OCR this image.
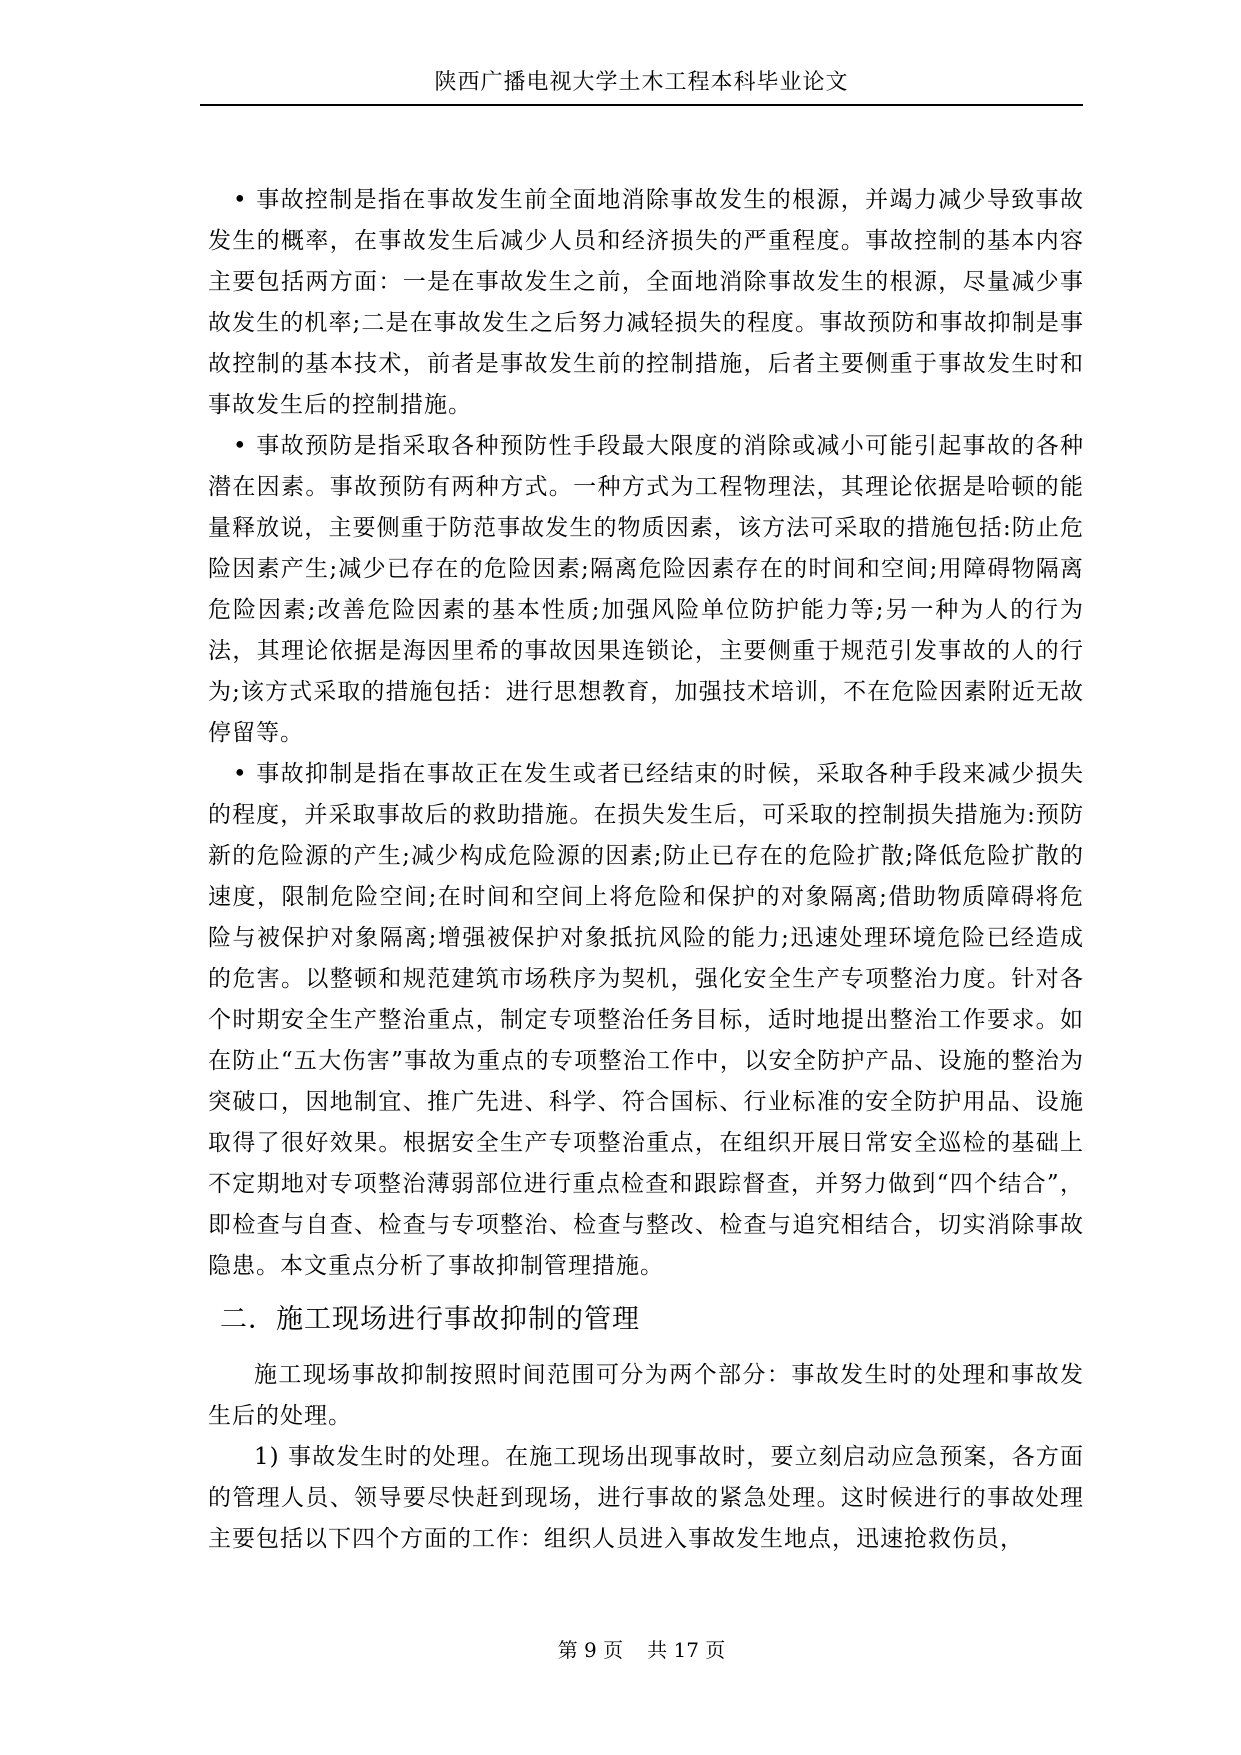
陕西广播电视大学土木工程本科毕业论文

• 事故控制是指在事故发生前全面地消除事故发生的根源，并竭力减少导致事故发生的概率，在事故发生后减少人员和经济损失的严重程度。事故控制的基本内容主要包括两方面：一是在事故发生之前，全面地消除事故发生的根源，尽量减少事故发生的机率;二是在事故发生之后努力减轻损失的程度。事故预防和事故抑制是事故控制的基本技术，前者是事故发生前的控制措施，后者主要侧重于事故发生时和事故发生后的控制措施。

• 事故预防是指采取各种预防性手段最大限度的消除或减小可能引起事故的各种潜在因素。事故预防有两种方式。一种方式为工程物理法，其理论依据是哈顿的能量释放说，主要侧重于防范事故发生的物质因素，该方法可采取的措施包括:防止危险因素产生;减少已存在的危险因素;隔离危险因素存在的时间和空间;用障碍物隔离危险因素;改善危险因素的基本性质;加强风险单位防护能力等;另一种为人的行为法，其理论依据是海因里希的事故因果连锁论，主要侧重于规范引发事故的人的行为;该方式采取的措施包括：进行思想教育，加强技术培训，不在危险因素附近无故停留等。

• 事故抑制是指在事故正在发生或者已经结束的时候，采取各种手段来减少损失的程度，并采取事故后的救助措施。在损失发生后，可采取的控制损失措施为:预防新的危险源的产生;减少构成危险源的因素;防止已存在的危险扩散;降低危险扩散的速度，限制危险空间;在时间和空间上将危险和保护的对象隔离;借助物质障碍将危险与被保护对象隔离;增强被保护对象抵抗风险的能力;迅速处理环境危险已经造成的危害。以整顿和规范建筑市场秩序为契机，强化安全生产专项整治力度。针对各个时期安全生产整治重点，制定专项整治任务目标，适时地提出整治工作要求。如在防止“五大伤害”事故为重点的专项整治工作中，以安全防护产品、设施的整治为突破口，因地制宜、推广先进、科学、符合国标、行业标准的安全防护用品、设施取得了很好效果。根据安全生产专项整治重点，在组织开展日常安全巡检的基础上不定期地对专项整治薄弱部位进行重点检查和跟踪督查，并努力做到“四个结合”，即检查与自查、检查与专项整治、检查与整改、检查与追究相结合，切实消除事故隐患。本文重点分析了事故抑制管理措施。

二．施工现场进行事故抑制的管理

施工现场事故抑制按照时间范围可分为两个部分：事故发生时的处理和事故发生后的处理。

1) 事故发生时的处理。在施工现场出现事故时，要立刻启动应急预案，各方面的管理人员、领导要尽快赶到现场，进行事故的紧急处理。这时候进行的事故处理主要包括以下四个方面的工作：组织人员进入事故发生地点，迅速抢救伤员，

第 9 页 共 17 页
